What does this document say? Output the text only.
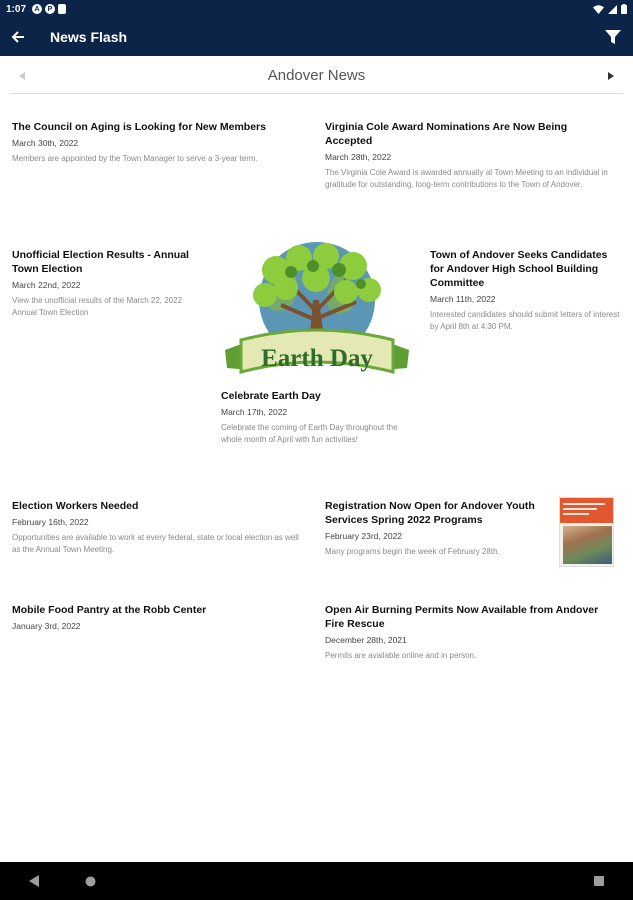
1:07	A	P
News Flash
Andover News
The Council on Aging is Looking for New Members
March 30th, 2022
Members are appointed by the Town Manager to serve a 3-year term.
Virginia Cole Award Nominations Are Now Being Accepted
March 28th, 2022
The Virginia Cole Award is awarded annually at Town Meeting to an individual in gratitude for outstanding, long-term contributions to the Town of Andover.
Unofficial Election Results - Annual Town Election
March 22nd, 2022
View the unofficial results of the March 22, 2022 Annual Town Election
Earth Day
Celebrate Earth Day
March 17th, 2022
Celebrate the coming of Earth Day throughout the whole month of April with fun activities!
Town of Andover Seeks Candidates for Andover High School Building Committee
March 11th, 2022
Interested candidates should submit letters of interest by April 8th at 4:30 PM.
Election Workers Needed
February 16th, 2022
Opportunities are available to work at every federal, state or local election as well as the Annual Town Meeting.
Registration Now Open for Andover Youth Services Spring 2022 Programs
February 23rd, 2022
Many programs begin the week of February 28th.
Mobile Food Pantry at the Robb Center
January 3rd, 2022
Open Air Burning Permits Now Available from Andover Fire Rescue
December 28th, 2021
Permits are available online and in person.
